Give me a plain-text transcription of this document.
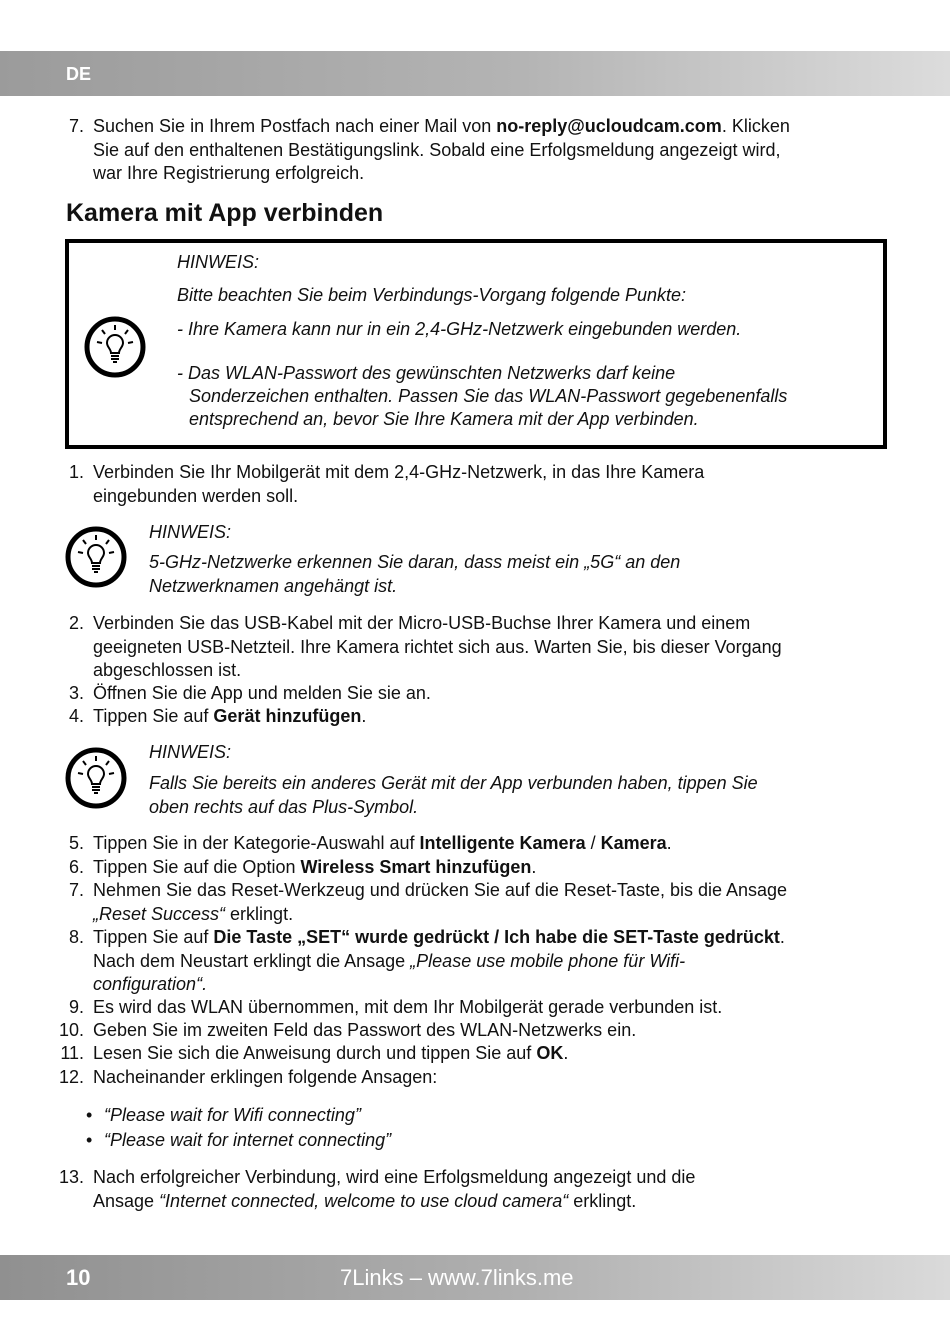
DE
7. Suchen Sie in Ihrem Postfach nach einer Mail von no-reply@ucloudcam.com. Klicken
Sie auf den enthaltenen Bestätigungslink. Sobald eine Erfolgsmeldung angezeigt wird,
war Ihre Registrierung erfolgreich.
Kamera mit App verbinden
HINWEIS:
Bitte beachten Sie beim Verbindungs-Vorgang folgende Punkte:
- Ihre Kamera kann nur in ein 2,4-GHz-Netzwerk eingebunden werden.
- Das WLAN-Passwort des gewünschten Netzwerks darf keine
Sonderzeichen enthalten. Passen Sie das WLAN-Passwort gegebenenfalls
entsprechend an, bevor Sie Ihre Kamera mit der App verbinden.
1. Verbinden Sie Ihr Mobilgerät mit dem 2,4-GHz-Netzwerk, in das Ihre Kamera
eingebunden werden soll.
HINWEIS:
5-GHz-Netzwerke erkennen Sie daran, dass meist ein „5G“ an den
Netzwerknamen angehängt ist.
2. Verbinden Sie das USB-Kabel mit der Micro-USB-Buchse Ihrer Kamera und einem
geeigneten USB-Netzteil. Ihre Kamera richtet sich aus. Warten Sie, bis dieser Vorgang
abgeschlossen ist.
3. Öffnen Sie die App und melden Sie sie an.
4. Tippen Sie auf Gerät hinzufügen.
HINWEIS:
Falls Sie bereits ein anderes Gerät mit der App verbunden haben, tippen Sie
oben rechts auf das Plus-Symbol.
5. Tippen Sie in der Kategorie-Auswahl auf Intelligente Kamera / Kamera.
6. Tippen Sie auf die Option Wireless Smart hinzufügen.
7. Nehmen Sie das Reset-Werkzeug und drücken Sie auf die Reset-Taste, bis die Ansage
„Reset Success“ erklingt.
8. Tippen Sie auf Die Taste „SET“ wurde gedrückt / Ich habe die SET-Taste gedrückt.
Nach dem Neustart erklingt die Ansage „Please use mobile phone für Wifi-
configuration“.
9. Es wird das WLAN übernommen, mit dem Ihr Mobilgerät gerade verbunden ist.
10. Geben Sie im zweiten Feld das Passwort des WLAN-Netzwerks ein.
11. Lesen Sie sich die Anweisung durch und tippen Sie auf OK.
12. Nacheinander erklingen folgende Ansagen:
• “Please wait for Wifi connecting”
• “Please wait for internet connecting”
13. Nach erfolgreicher Verbindung, wird eine Erfolgsmeldung angezeigt und die
Ansage “Internet connected, welcome to use cloud camera“ erklingt.
10	7Links – www.7links.me
